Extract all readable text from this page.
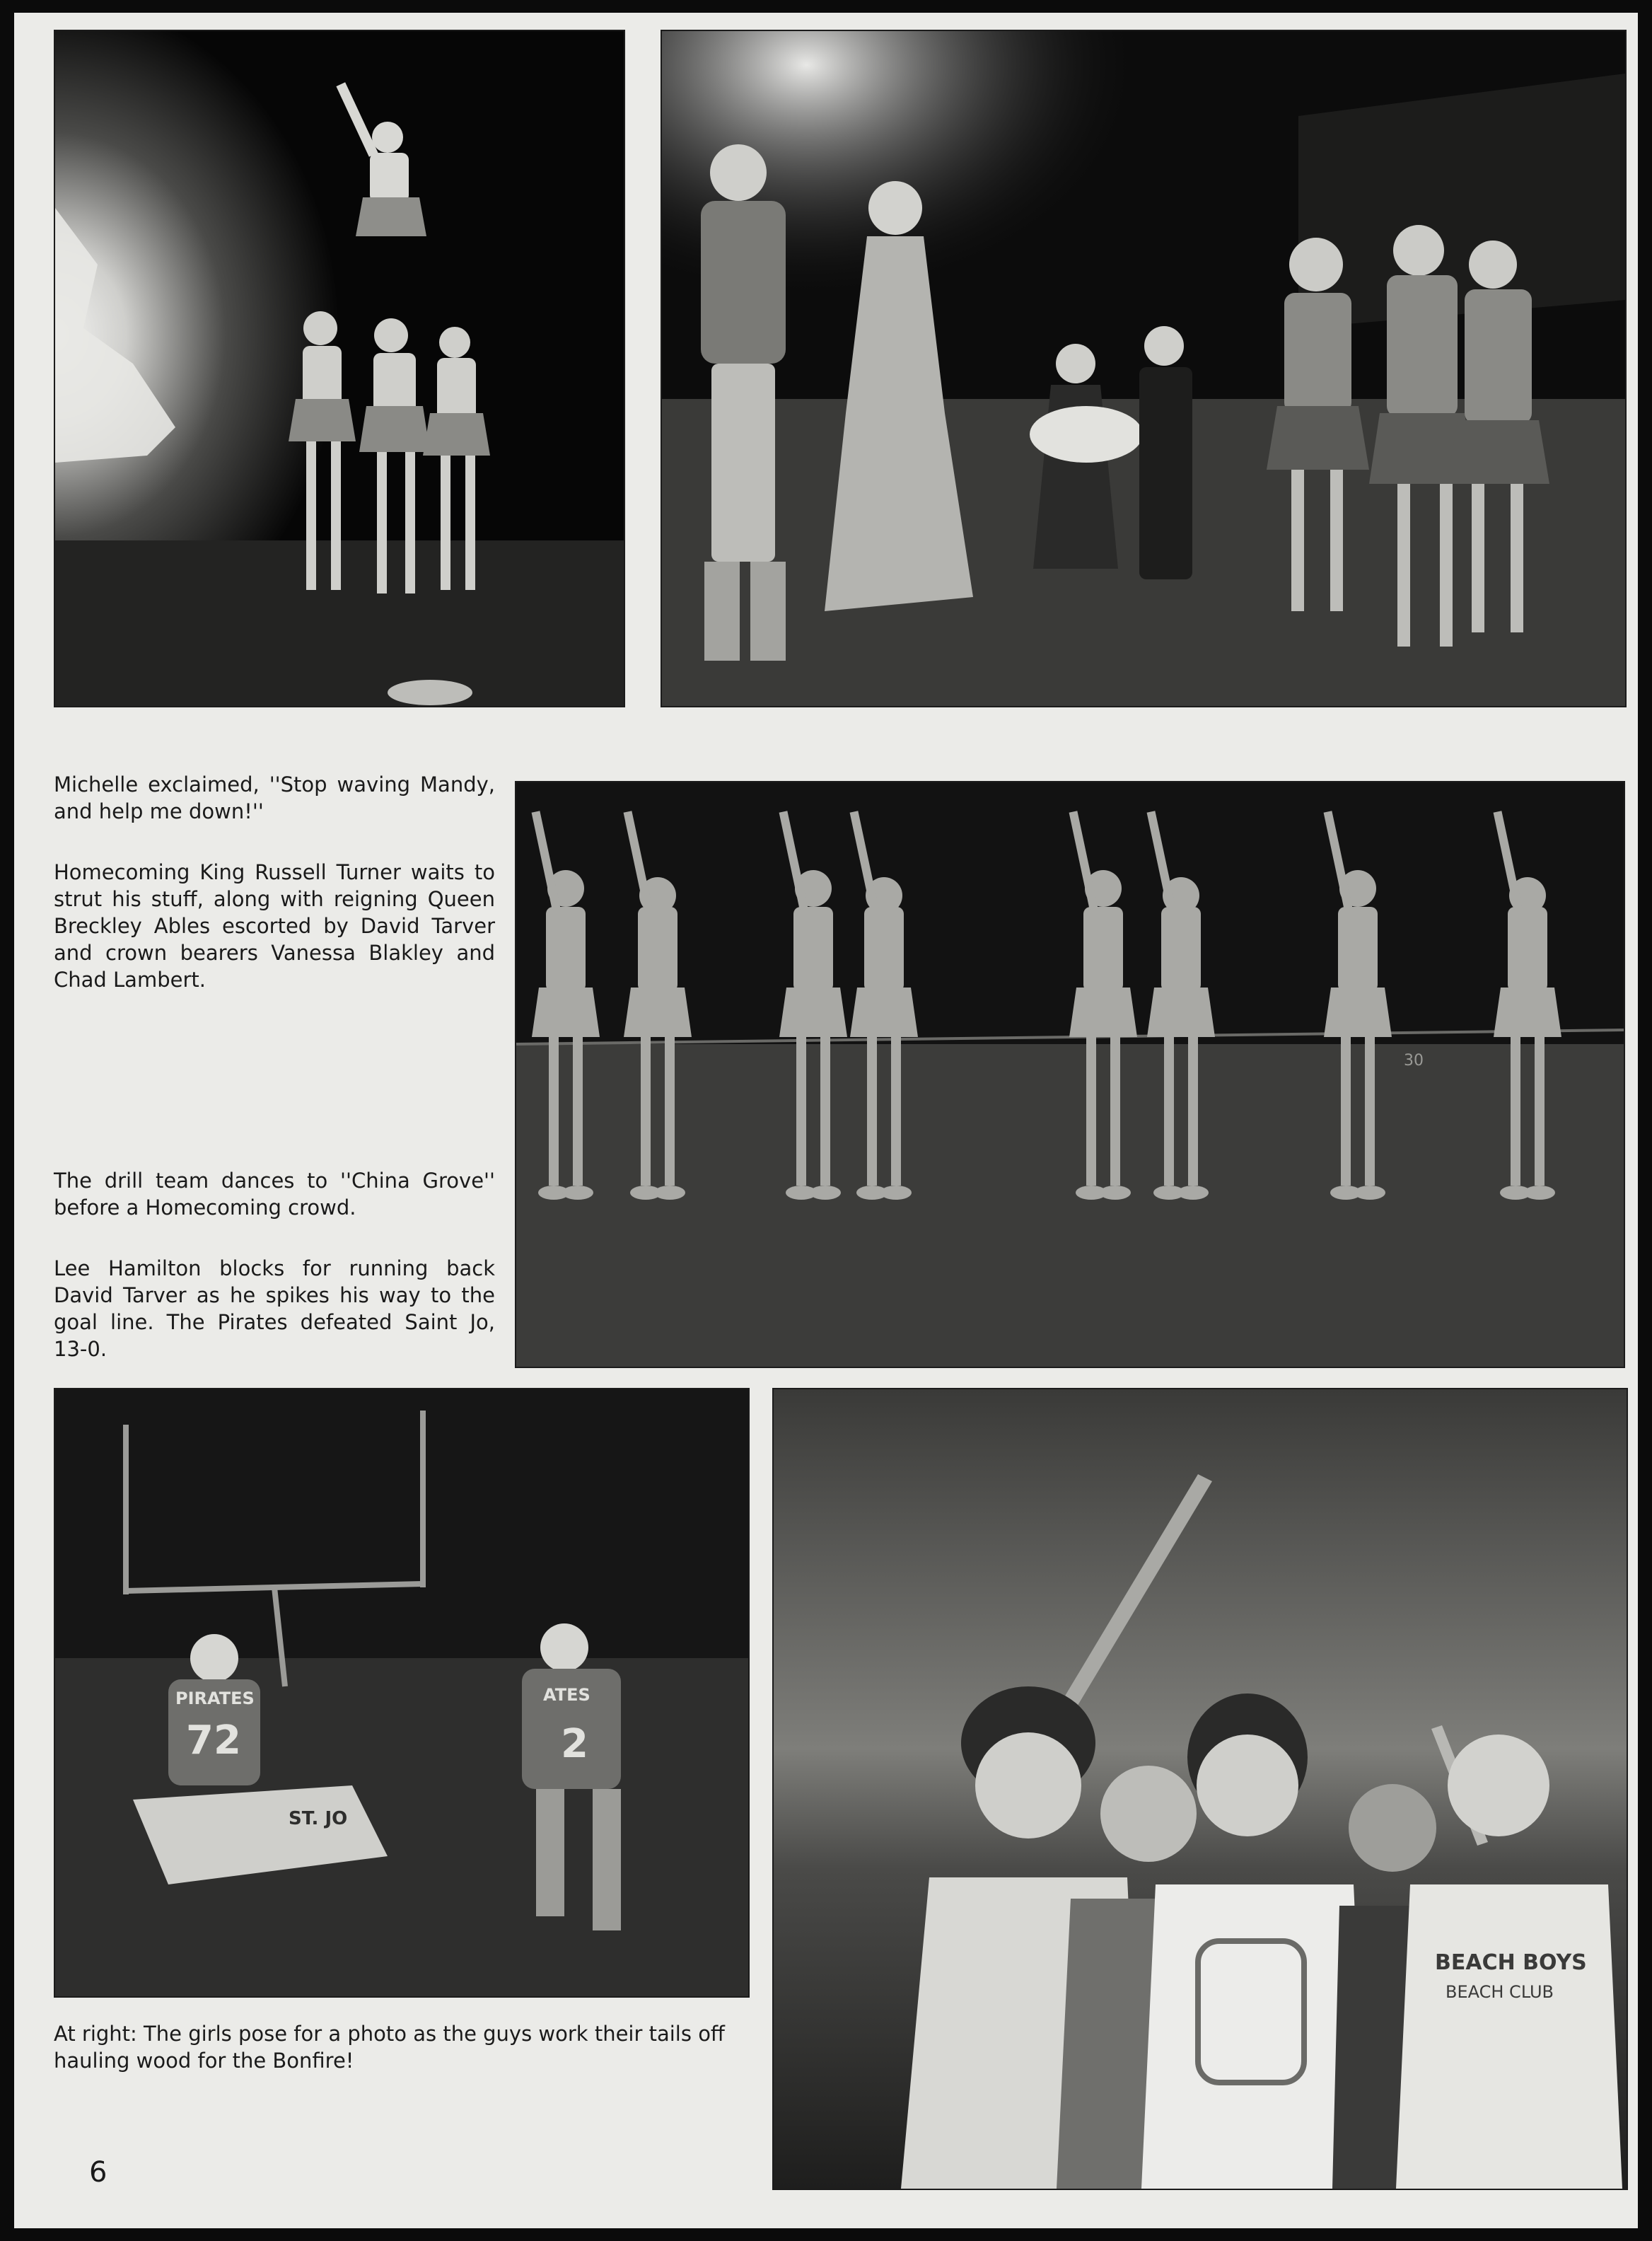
Michelle exclaimed, ''Stop waving Mandy, and help me down!''

Homecoming King Russell Turner waits to strut his stuff, along with reigning Queen Breckley Ables escorted by David Tarver and crown bearers Vanessa Blakley and Chad Lambert.

The drill team dances to ''China Grove'' before a Homecoming crowd.

Lee Hamilton blocks for running back David Tarver as he spikes his way to the goal line. The Pirates defeated Saint Jo, 13-0.

30
PIRATES
72
ST. JO
ATES
2

At right: The girls pose for a photo as the guys work their tails off hauling wood for the Bonfire!

BEACH BOYS
BEACH CLUB
6
